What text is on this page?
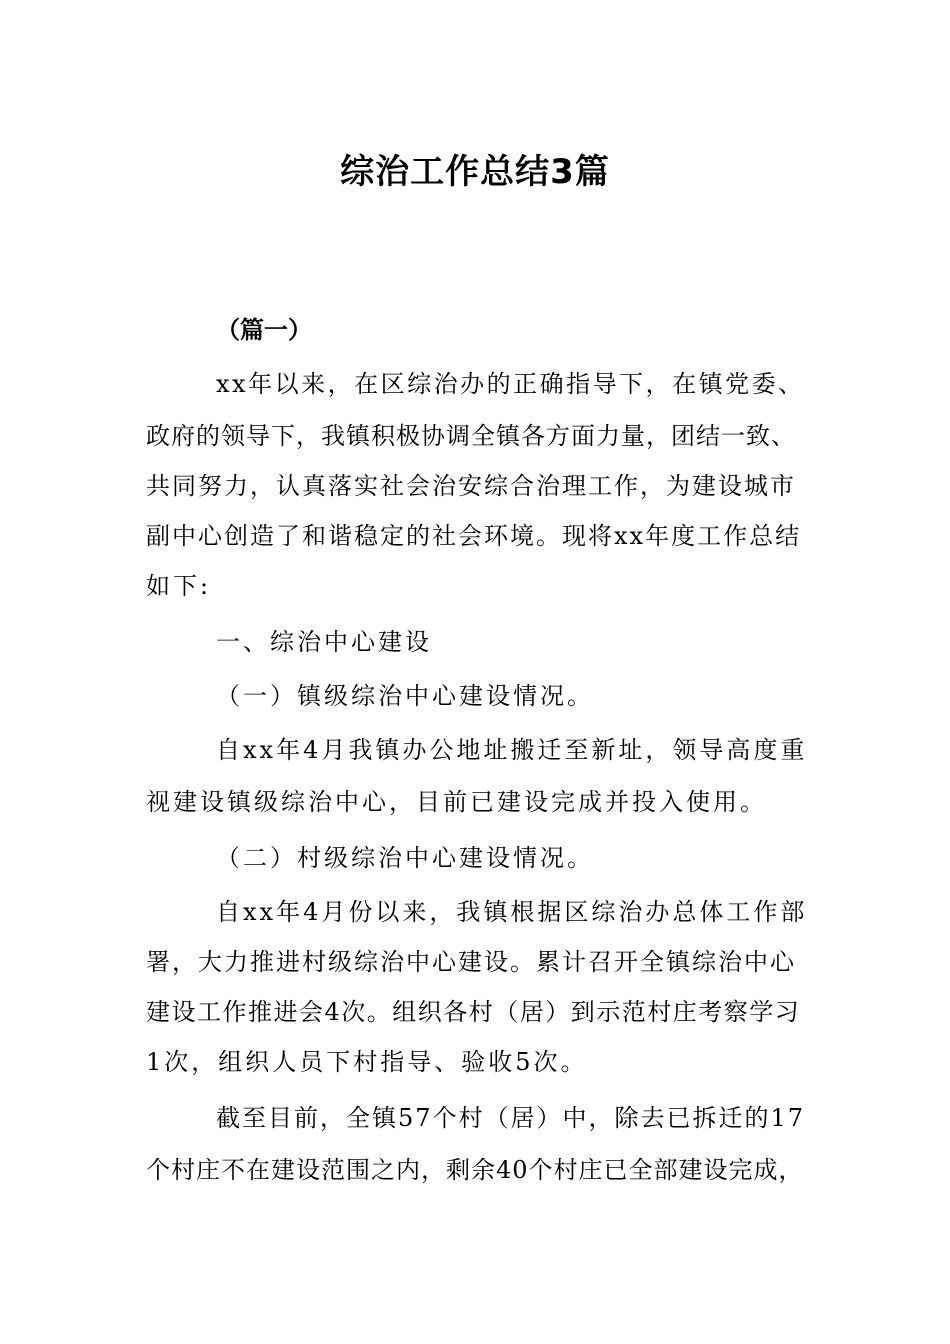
综治工作总结3篇
（篇一）
xx年以来，在区综治办的正确指导下，在镇党委、
政府的领导下，我镇积极协调全镇各方面力量，团结一致、
共同努力，认真落实社会治安综合治理工作，为建设城市
副中心创造了和谐稳定的社会环境。现将xx年度工作总结
如下:
一、综治中心建设
（一）镇级综治中心建设情况。
自xx年4月我镇办公地址搬迁至新址，领导高度重
视建设镇级综治中心，目前已建设完成并投入使用。
（二）村级综治中心建设情况。
自xx年4月份以来，我镇根据区综治办总体工作部
署，大力推进村级综治中心建设。累计召开全镇综治中心
建设工作推进会4次。组织各村（居）到示范村庄考察学习
1次，组织人员下村指导、验收5次。
截至目前，全镇57个村（居）中，除去已拆迁的17
个村庄不在建设范围之内，剩余40个村庄已全部建设完成，
